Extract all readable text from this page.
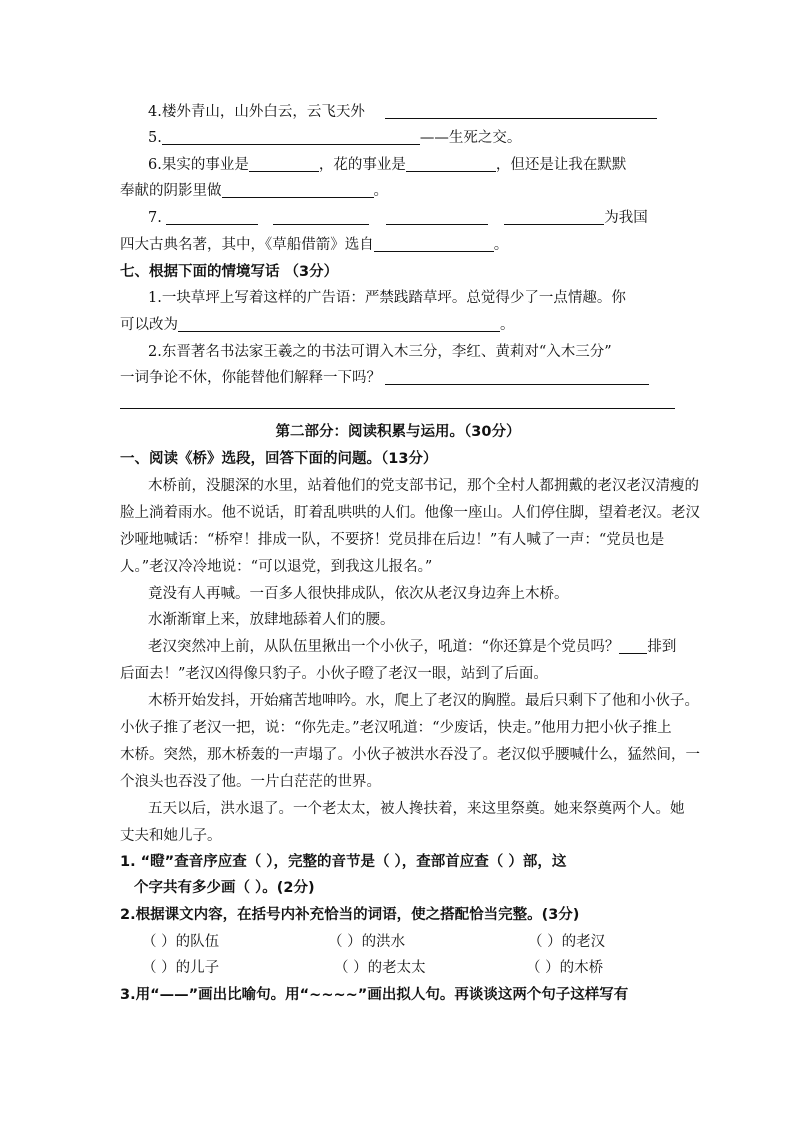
4.楼外青山，山外白云，云飞天外
5.	——生死之交。
6.果实的事业是	，花的事业是	，但还是让我在默默
奉献的阴影里做	。
7.	为我国
四大古典名著，其中，《草船借箭》选自	。
七、根据下面的情境写话 （3分）
1.一块草坪上写着这样的广告语：严禁践踏草坪。总觉得少了一点情趣。你
可以改为	。
2.东晋著名书法家王羲之的书法可谓入木三分，李红、黄莉对“入木三分”
一词争论不休，你能替他们解释一下吗？
第二部分：阅读积累与运用。（30分）
一、阅读《桥》选段，回答下面的问题。（13分）
木桥前，没腿深的水里，站着他们的党支部书记，那个全村人都拥戴的老汉老汉清瘦的
脸上淌着雨水。他不说话，盯着乱哄哄的人们。他像一座山。人们停住脚，望着老汉。老汉
沙哑地喊话：“桥窄！排成一队，不要挤！党员排在后边！”有人喊了一声：“党员也是
人。”老汉冷冷地说：“可以退党，到我这儿报名。”
竟没有人再喊。一百多人很快排成队，依次从老汉身边奔上木桥。
水渐渐窜上来，放肆地舔着人们的腰。
老汉突然冲上前，从队伍里揪出一个小伙子，吼道：“你还算是个党员吗？ 排到
后面去！”老汉凶得像只豹子。小伙子瞪了老汉一眼，站到了后面。
木桥开始发抖，开始痛苦地呻吟。水，爬上了老汉的胸膛。最后只剩下了他和小伙子。
小伙子推了老汉一把，说：“你先走。”老汉吼道：“少废话，快走。”他用力把小伙子推上
木桥。突然，那木桥轰的一声塌了。小伙子被洪水吞没了。老汉似乎腰喊什么，猛然间，一
个浪头也吞没了他。一片白茫茫的世界。
五天以后，洪水退了。一个老太太，被人搀扶着，来这里祭奠。她来祭奠两个人。她
丈夫和她儿子。
1. “瞪”查音序应查（ ），完整的音节是（ ），查部首应查（ ）部，这
个字共有多少画（ ）。(2分)
2.根据课文内容，在括号内补充恰当的词语，使之搭配恰当完整。(3分)
（ ）的队伍	（ ）的洪水	（ ）的老汉
（ ）的儿子	（ ）的老太太	（ ）的木桥
3.用“——”画出比喻句。用“~~~~”画出拟人句。再谈谈这两个句子这样写有
